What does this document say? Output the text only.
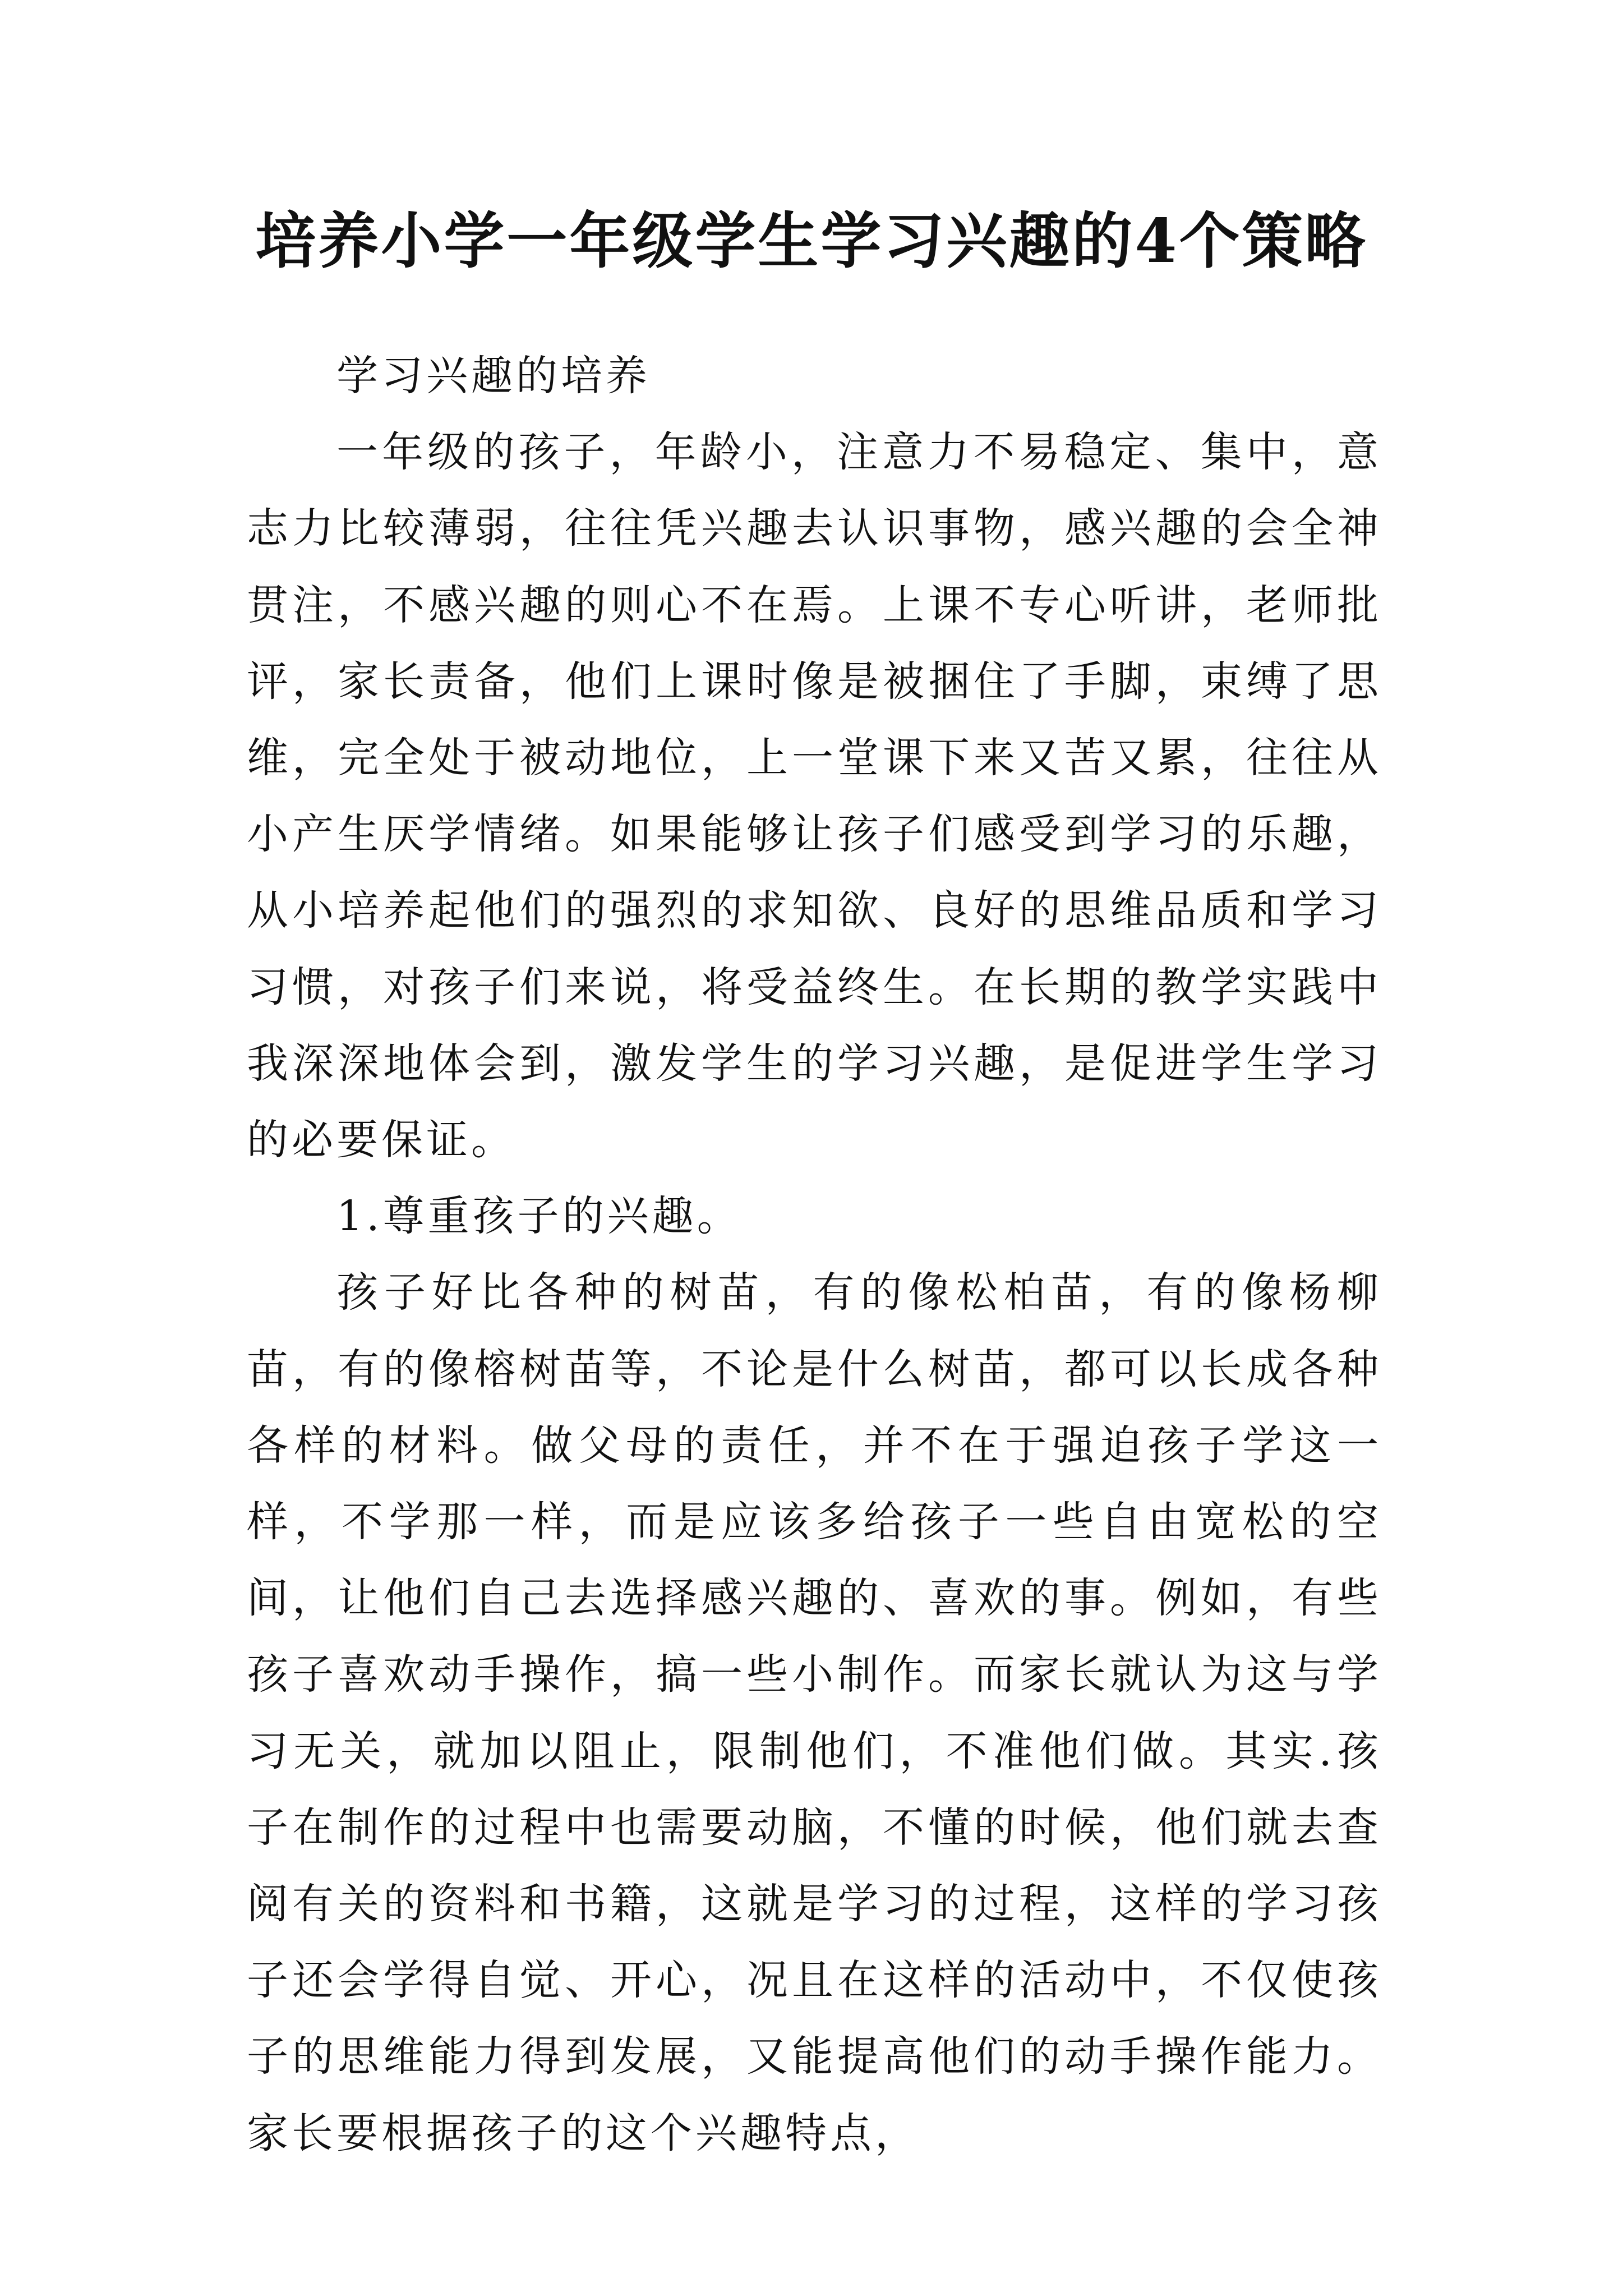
培养小学一年级学生学习兴趣的4个策略

学习兴趣的培养

一年级的孩子，年龄小，注意力不易稳定、集中，意志力比较薄弱，往往凭兴趣去认识事物，感兴趣的会全神贯注，不感兴趣的则心不在焉。上课不专心听讲，老师批评，家长责备，他们上课时像是被捆住了手脚，束缚了思维，完全处于被动地位，上一堂课下来又苦又累，往往从小产生厌学情绪。如果能够让孩子们感受到学习的乐趣，从小培养起他们的强烈的求知欲、良好的思维品质和学习习惯，对孩子们来说，将受益终生。在长期的教学实践中我深深地体会到，激发学生的学习兴趣，是促进学生学习的必要保证。

1.尊重孩子的兴趣。

孩子好比各种的树苗，有的像松柏苗，有的像杨柳苗，有的像榕树苗等，不论是什么树苗，都可以长成各种各样的材料。做父母的责任，并不在于强迫孩子学这一样，不学那一样，而是应该多给孩子一些自由宽松的空间，让他们自己去选择感兴趣的、喜欢的事。例如，有些孩子喜欢动手操作，搞一些小制作。而家长就认为这与学习无关，就加以阻止，限制他们，不准他们做。其实.孩子在制作的过程中也需要动脑，不懂的时候，他们就去查阅有关的资料和书籍，这就是学习的过程，这样的学习孩子还会学得自觉、开心，况且在这样的活动中，不仅使孩子的思维能力得到发展，又能提高他们的动手操作能力。家长要根据孩子的这个兴趣特点，
